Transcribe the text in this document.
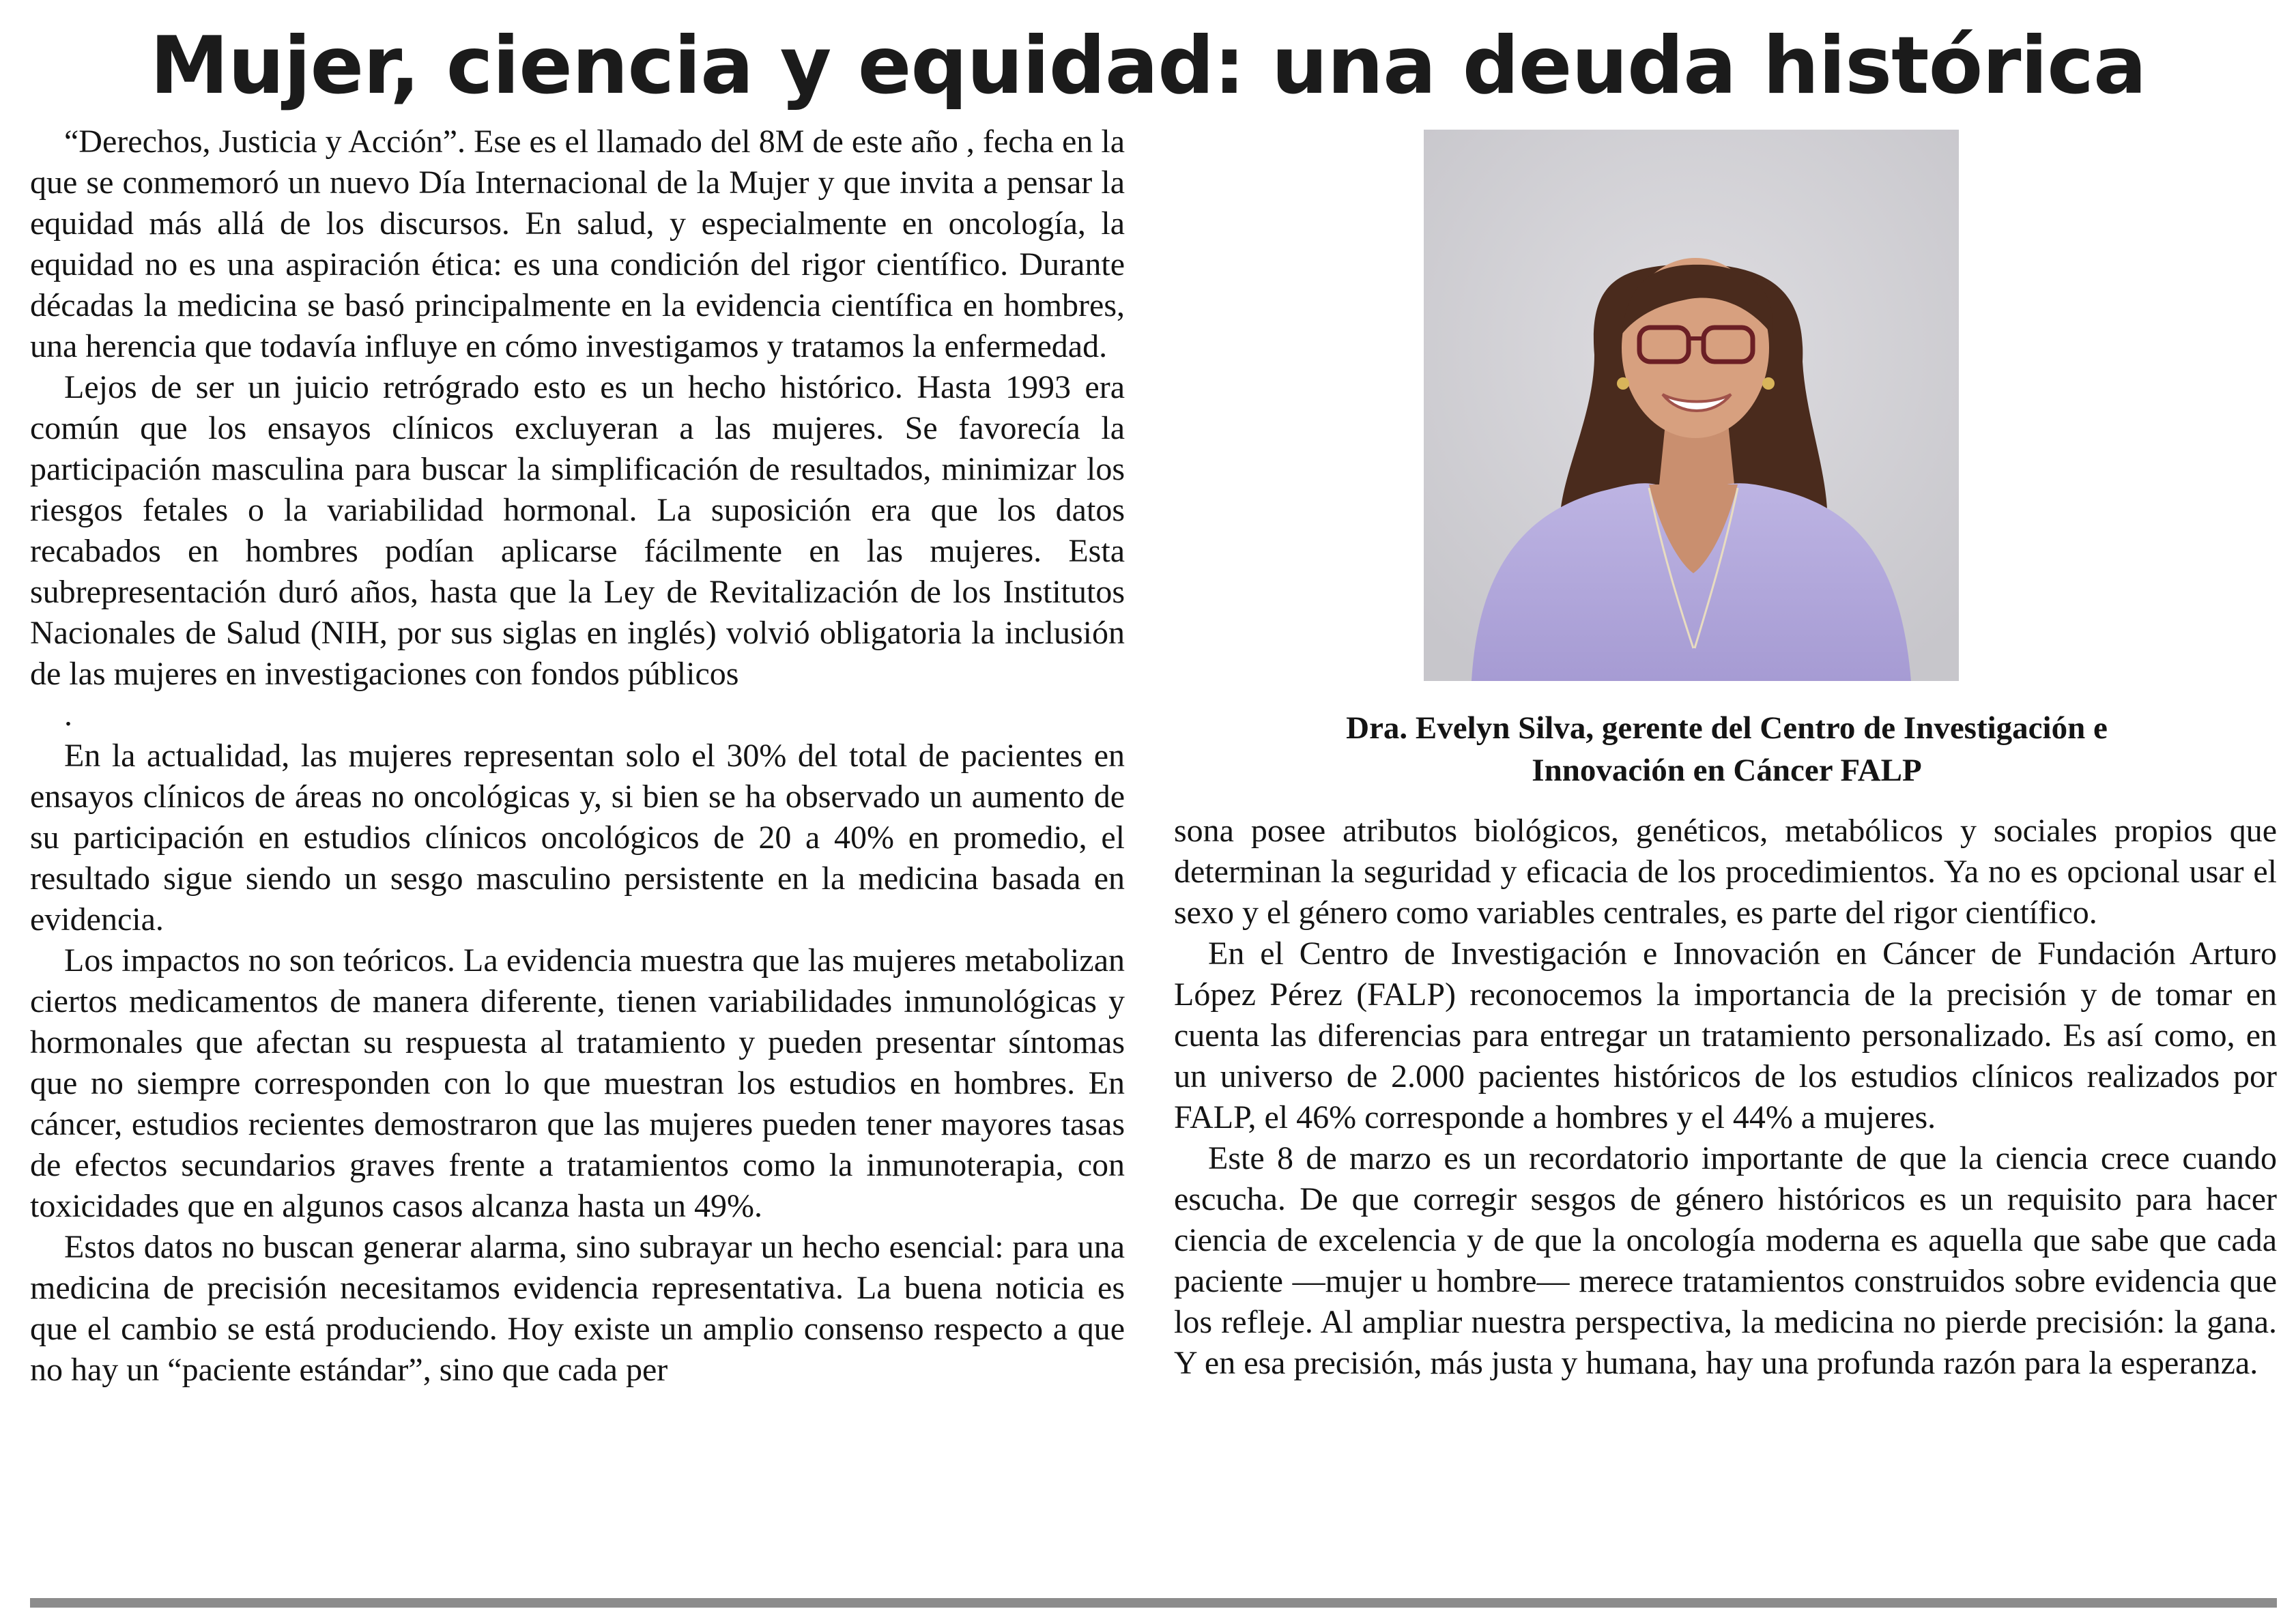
Mujer, ciencia y equidad: una deuda histórica

“Derechos, Justicia y Acción”. Ese es el llamado del 8M de este año , fecha en la que se conmemoró un nuevo Día Internacional de la Mujer y que invita a pensar la equidad más allá de los discursos. En salud, y especialmente en oncología, la equidad no es una aspiración ética: es una condición del rigor científico. Durante décadas la medicina se basó principalmente en la evidencia científica en hombres, una herencia que todavía influye en cómo investigamos y tratamos la enfermedad.

Lejos de ser un juicio retrógrado esto es un hecho histórico. Hasta 1993 era común que los ensayos clínicos excluyeran a las mujeres. Se favorecía la participación masculina para buscar la simplificación de resultados, minimizar los riesgos fetales o la variabilidad hormonal. La suposición era que los datos recabados en hombres podían aplicarse fácilmente en las mujeres. Esta subrepresentación duró años, hasta que la Ley de Revitalización de los Institutos Nacionales de Salud (NIH, por sus siglas en inglés) volvió obligatoria la inclusión de las mujeres en investigaciones con fondos públicos

.

En la actualidad, las mujeres representan solo el 30% del total de pacientes en ensayos clínicos de áreas no oncológicas y, si bien se ha observado un aumento de su participación en estudios clínicos oncológicos de 20 a 40% en promedio, el resultado sigue siendo un sesgo masculino persistente en la medicina basada en evidencia.

Los impactos no son teóricos. La evidencia muestra que las mujeres metabolizan ciertos medicamentos de manera diferente, tienen variabilidades inmunológicas y hormonales que afectan su respuesta al tratamiento y pueden presentar síntomas que no siempre corresponden con lo que muestran los estudios en hombres. En cáncer, estudios recientes demostraron que las mujeres pueden tener mayores tasas de efectos secundarios graves frente a tratamientos como la inmunoterapia, con toxicidades que en algunos casos alcanza hasta un 49%.

Estos datos no buscan generar alarma, sino subrayar un hecho esencial: para una medicina de precisión necesitamos evidencia representativa. La buena noticia es que el cambio se está produciendo. Hoy existe un amplio consenso respecto a que no hay un “paciente estándar”, sino que cada per

Dra. Evelyn Silva, gerente del Centro de Investigación e
Innovación en Cáncer FALP

sona posee atributos biológicos, genéticos, metabólicos y sociales propios que determinan la seguridad y eficacia de los procedimientos. Ya no es opcional usar el sexo y el género como variables centrales, es parte del rigor científico.

En el Centro de Investigación e Innovación en Cáncer de Fundación Arturo López Pérez (FALP) reconocemos la importancia de la precisión y de tomar en cuenta las diferencias para entregar un tratamiento personalizado. Es así como, en un universo de 2.000 pacientes históricos de los estudios clínicos realizados por FALP, el 46% corresponde a hombres y el 44% a mujeres.

Este 8 de marzo es un recordatorio importante de que la ciencia crece cuando escucha. De que corregir sesgos de género históricos es un requisito para hacer ciencia de excelencia y de que la oncología moderna es aquella que sabe que cada paciente —mujer u hombre— merece tratamientos construidos sobre evidencia que los refleje. Al ampliar nuestra perspectiva, la medicina no pierde precisión: la gana. Y en esa precisión, más justa y humana, hay una profunda razón para la esperanza.
